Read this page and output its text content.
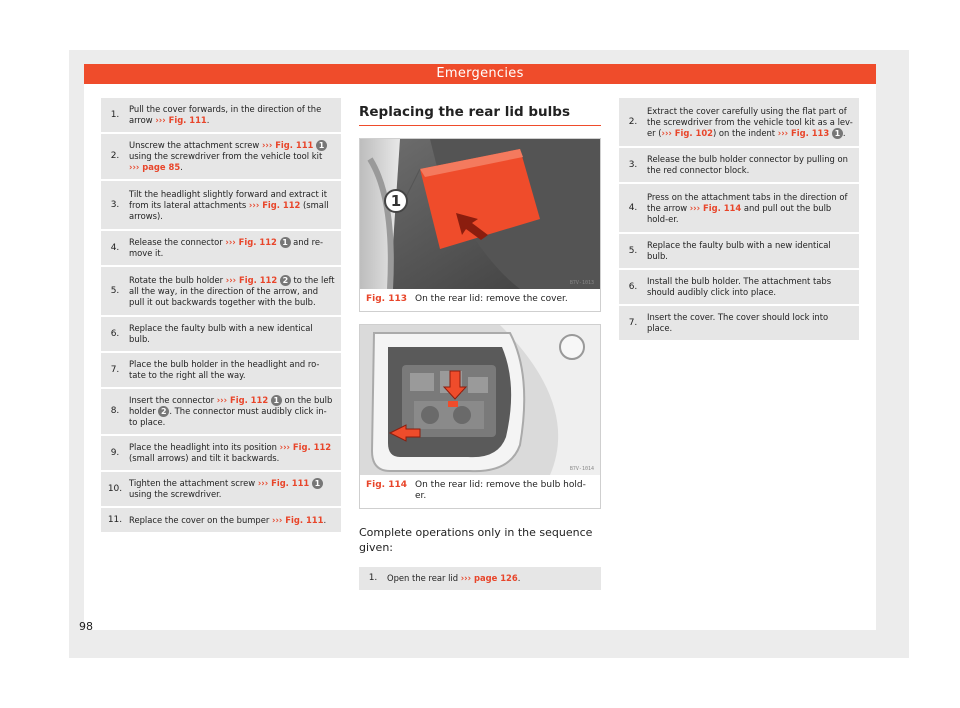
Emergencies
1.
Pull the cover forwards, in the direction of the arrow ››› Fig. 111.
2.
Unscrew the attachment screw ››› Fig. 111 1 using the screwdriver from the vehicle tool kit ››› page 85.
3.
Tilt the headlight slightly forward and extract it from its lateral attachments ››› Fig. 112 (small arrows).
4.
Release the connector ››› Fig. 112 1 and re-move it.
5.
Rotate the bulb holder ››› Fig. 112 2 to the left all the way, in the direction of the arrow, and pull it out backwards together with the bulb.
6.
Replace the faulty bulb with a new identical bulb.
7.
Place the bulb holder in the headlight and ro-tate to the right all the way.
8.
Insert the connector ››› Fig. 112 1 on the bulb holder 2 . The connector must audibly click in-to place.
9.
Place the headlight into its position ››› Fig. 112 (small arrows) and tilt it backwards.
10.
Tighten the attachment screw ››› Fig. 111 1 using the screwdriver.
11. Replace the cover on the bumper ››› Fig. 111.
Replacing the rear lid bulbs
1
B7V-1013
Fig. 113 On the rear lid: remove the cover.
B7V-1014
Fig. 114 On the rear lid: remove the bulb hold-er.
Complete operations only in the sequence given:
1.	Open the rear lid ››› page 126.
2.
Extract the cover carefully using the flat part of the screwdriver from the vehicle tool kit as a lev-er (››› Fig. 102) on the indent ››› Fig. 113 1 .
3.
Release the bulb holder connector by pulling on the red connector block.
4.
Press on the attachment tabs in the direction of the arrow ››› Fig. 114 and pull out the bulb hold-er.
5.
Replace the faulty bulb with a new identical bulb.
6.
Install the bulb holder. The attachment tabs should audibly click into place.
7.
Insert the cover. The cover should lock into place.
98
